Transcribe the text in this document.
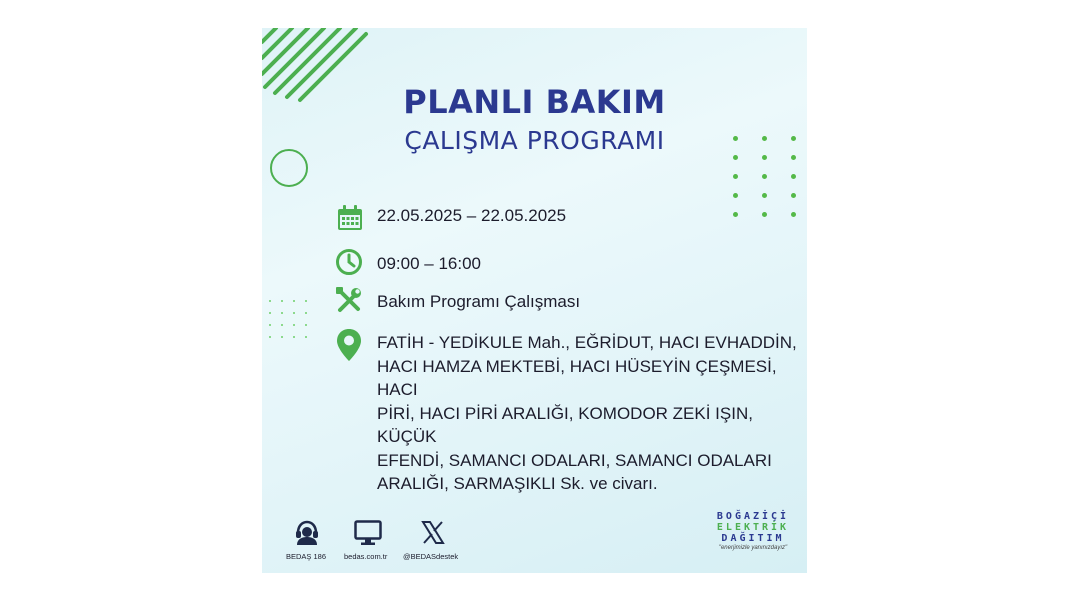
PLANLI BAKIM
ÇALIŞMA PROGRAMI
22.05.2025 – 22.05.2025
09:00 – 16:00
Bakım Programı Çalışması
FATİH - YEDİKULE Mah., EĞRİDUT, HACI EVHADDİN,
HACI HAMZA MEKTEBİ, HACI HÜSEYİN ÇEŞMESİ, HACI
PİRİ, HACI PİRİ ARALIĞI, KOMODOR ZEKİ IŞIN, KÜÇÜK
EFENDİ, SAMANCI ODALARI, SAMANCI ODALARI
ARALIĞI, SARMAŞIKLI Sk. ve civarı.
BEDAŞ 186 bedas.com.tr @BEDASdestek
BOĞAZİÇİ
ELEKTRİK
DAĞITIM
"enerjimizle yanınızdayız"
